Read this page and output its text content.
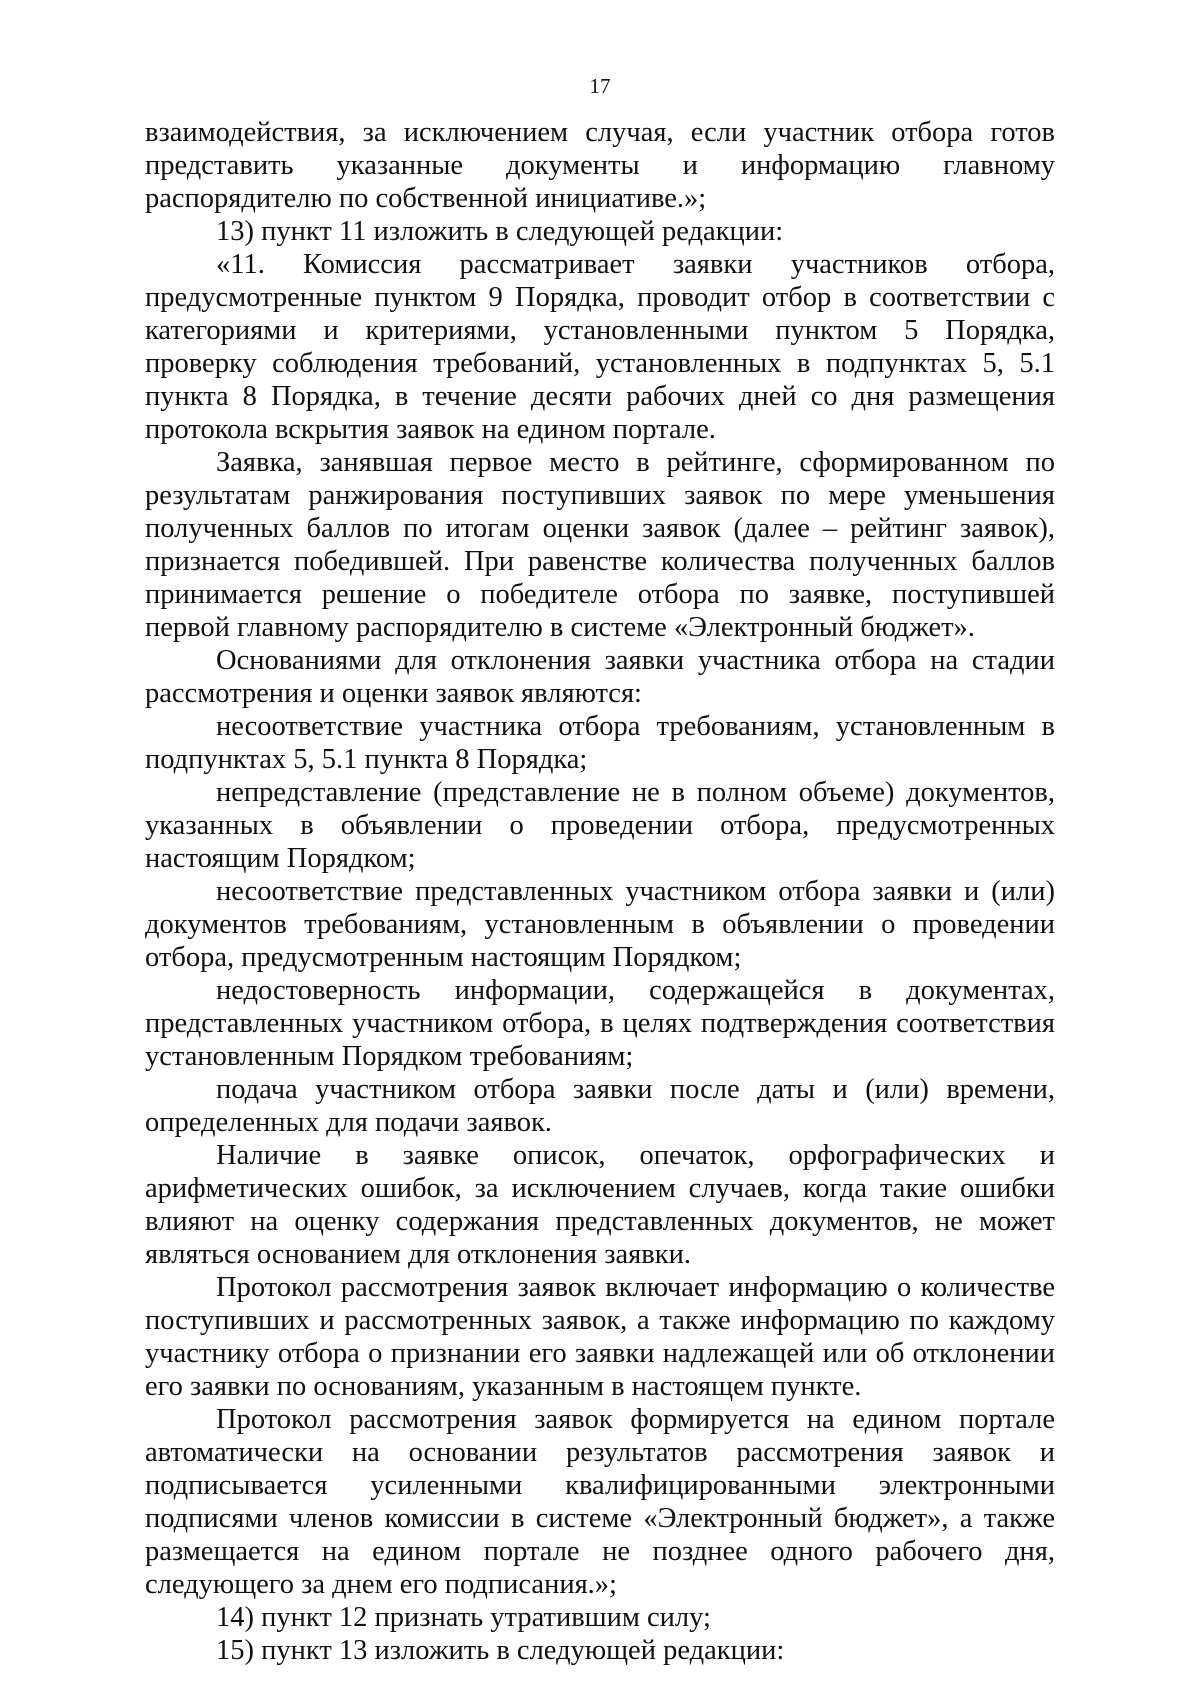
17

взаимодействия, за исключением случая, если участник отбора готов представить указанные документы и информацию главному распорядителю по собственной инициативе.»;

13) пункт 11 изложить в следующей редакции:

«11. Комиссия рассматривает заявки участников отбора, предусмотренные пунктом 9 Порядка, проводит отбор в соответствии с категориями и критериями, установленными пунктом 5 Порядка, проверку соблюдения требований, установленных в подпунктах 5, 5.1 пункта 8 Порядка, в течение десяти рабочих дней со дня размещения протокола вскрытия заявок на едином портале.

Заявка, занявшая первое место в рейтинге, сформированном по результатам ранжирования поступивших заявок по мере уменьшения полученных баллов по итогам оценки заявок (далее – рейтинг заявок), признается победившей. При равенстве количества полученных баллов принимается решение о победителе отбора по заявке, поступившей первой главному распорядителю в системе «Электронный бюджет».

Основаниями для отклонения заявки участника отбора на стадии рассмотрения и оценки заявок являются:

несоответствие участника отбора требованиям, установленным в подпунктах 5, 5.1 пункта 8 Порядка;

непредставление (представление не в полном объеме) документов, указанных в объявлении о проведении отбора, предусмотренных настоящим Порядком;

несоответствие представленных участником отбора заявки и (или) документов требованиям, установленным в объявлении о проведении отбора, предусмотренным настоящим Порядком;

недостоверность информации, содержащейся в документах, представленных участником отбора, в целях подтверждения соответствия установленным Порядком требованиям;

подача участником отбора заявки после даты и (или) времени, определенных для подачи заявок.

Наличие в заявке описок, опечаток, орфографических и арифметических ошибок, за исключением случаев, когда такие ошибки влияют на оценку содержания представленных документов, не может являться основанием для отклонения заявки.

Протокол рассмотрения заявок включает информацию о количестве поступивших и рассмотренных заявок, а также информацию по каждому участнику отбора о признании его заявки надлежащей или об отклонении его заявки по основаниям, указанным в настоящем пункте.

Протокол рассмотрения заявок формируется на едином портале автоматически на основании результатов рассмотрения заявок и подписывается усиленными квалифицированными электронными подписями членов комиссии в системе «Электронный бюджет», а также размещается на едином портале не позднее одного рабочего дня, следующего за днем его подписания.»;

14) пункт 12 признать утратившим силу;

15) пункт 13 изложить в следующей редакции:
